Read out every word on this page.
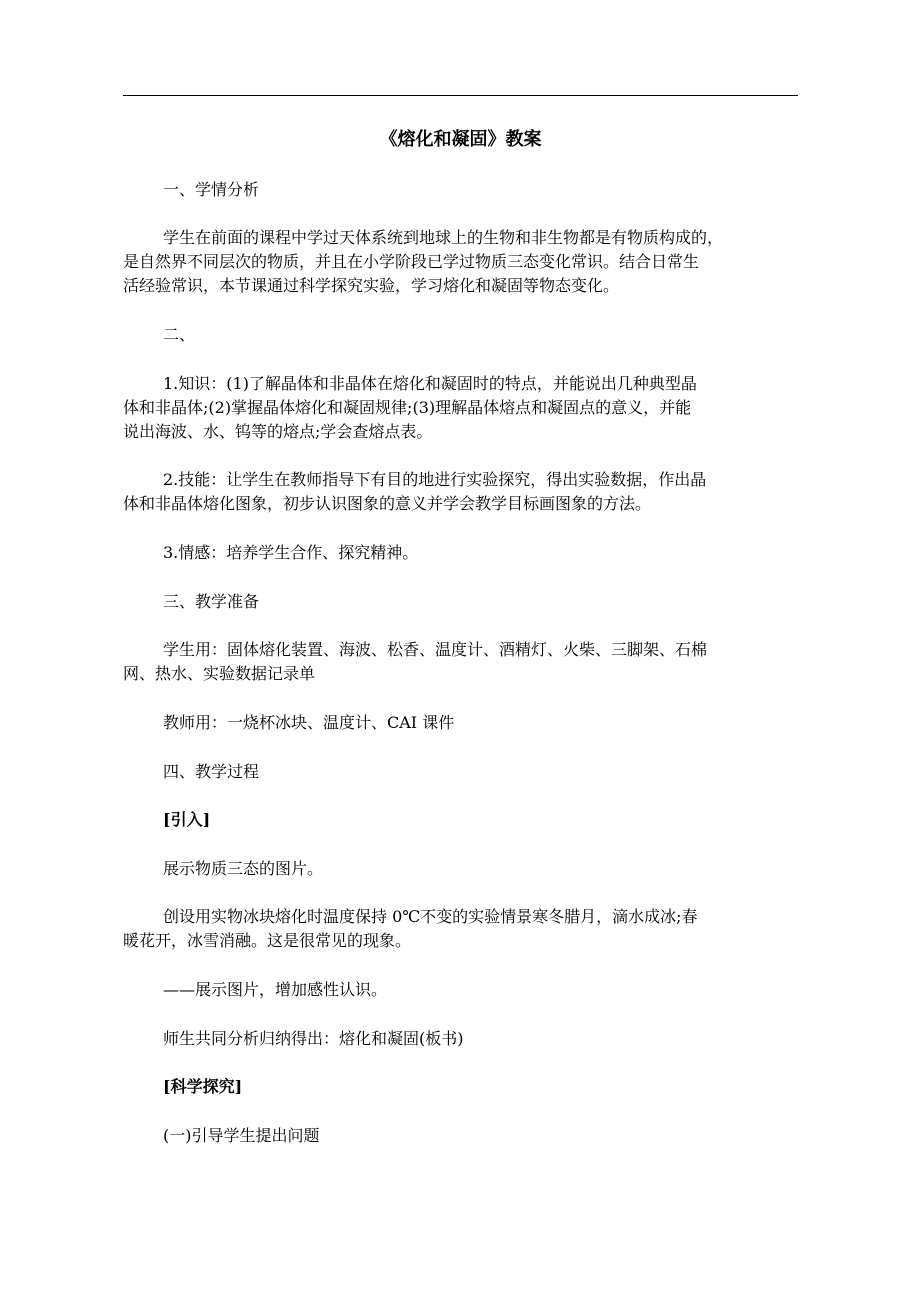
《熔化和凝固》教案
一、学情分析
学生在前面的课程中学过天体系统到地球上的生物和非生物都是有物质构成的，
是自然界不同层次的物质，并且在小学阶段已学过物质三态变化常识。结合日常生
活经验常识，本节课通过科学探究实验，学习熔化和凝固等物态变化。
二、
1.知识：(1)了解晶体和非晶体在熔化和凝固时的特点，并能说出几种典型晶
体和非晶体;(2)掌握晶体熔化和凝固规律;(3)理解晶体熔点和凝固点的意义，并能
说出海波、水、钨等的熔点;学会查熔点表。
2.技能：让学生在教师指导下有目的地进行实验探究，得出实验数据，作出晶
体和非晶体熔化图象，初步认识图象的意义并学会教学目标画图象的方法。
3.情感：培养学生合作、探究精神。
三、教学准备
学生用：固体熔化装置、海波、松香、温度计、酒精灯、火柴、三脚架、石棉
网、热水、实验数据记录单
教师用：一烧杯冰块、温度计、CAI 课件
四、教学过程
[引入]
展示物质三态的图片。
创设用实物冰块熔化时温度保持 0℃不变的实验情景寒冬腊月，滴水成冰;春
暖花开，冰雪消融。这是很常见的现象。
——展示图片，增加感性认识。
师生共同分析归纳得出：熔化和凝固(板书)
[科学探究]
(一)引导学生提出问题
